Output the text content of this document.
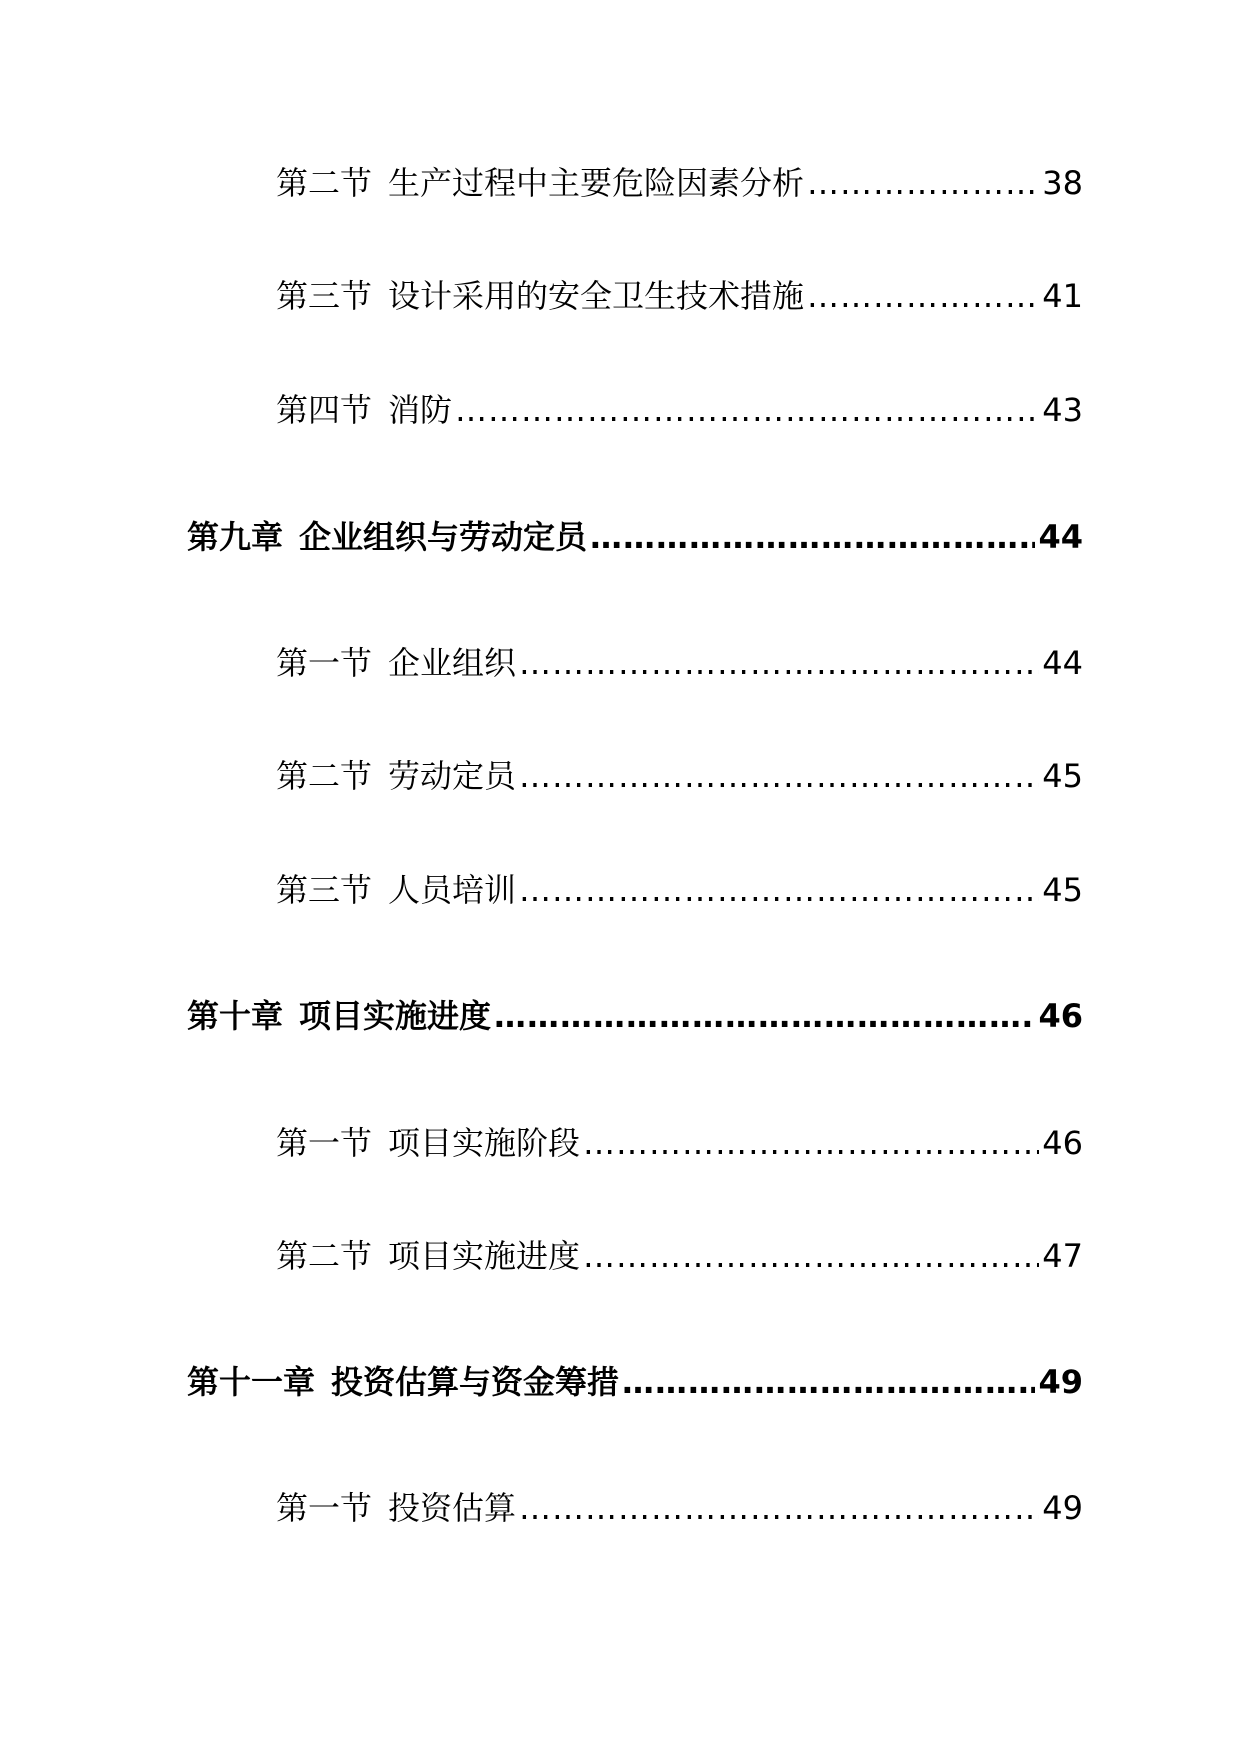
第二节 生产过程中主要危险因素分析 ……………………………………………………………………………………………………………………………………………………………………………………………………………………………	38
第三节 设计采用的安全卫生技术措施 ……………………………………………………………………………………………………………………………………………………………………………………………………………………………	41
第四节 消防 ……………………………………………………………………………………………………………………………………………………………………………………………………………………………	43
第九章 企业组织与劳动定员 ……………………………………………………………………………………………………………………………………………………………………………………………………………………………	44
第一节 企业组织 ……………………………………………………………………………………………………………………………………………………………………………………………………………………………	44
第二节 劳动定员 ……………………………………………………………………………………………………………………………………………………………………………………………………………………………	45
第三节 人员培训 ……………………………………………………………………………………………………………………………………………………………………………………………………………………………	45
第十章 项目实施进度 ……………………………………………………………………………………………………………………………………………………………………………………………………………………………	46
第一节 项目实施阶段 ……………………………………………………………………………………………………………………………………………………………………………………………………………………………	46
第二节 项目实施进度 ……………………………………………………………………………………………………………………………………………………………………………………………………………………………	47
第十一章 投资估算与资金筹措 ……………………………………………………………………………………………………………………………………………………………………………………………………………………………	49
第一节 投资估算 ……………………………………………………………………………………………………………………………………………………………………………………………………………………………	49
